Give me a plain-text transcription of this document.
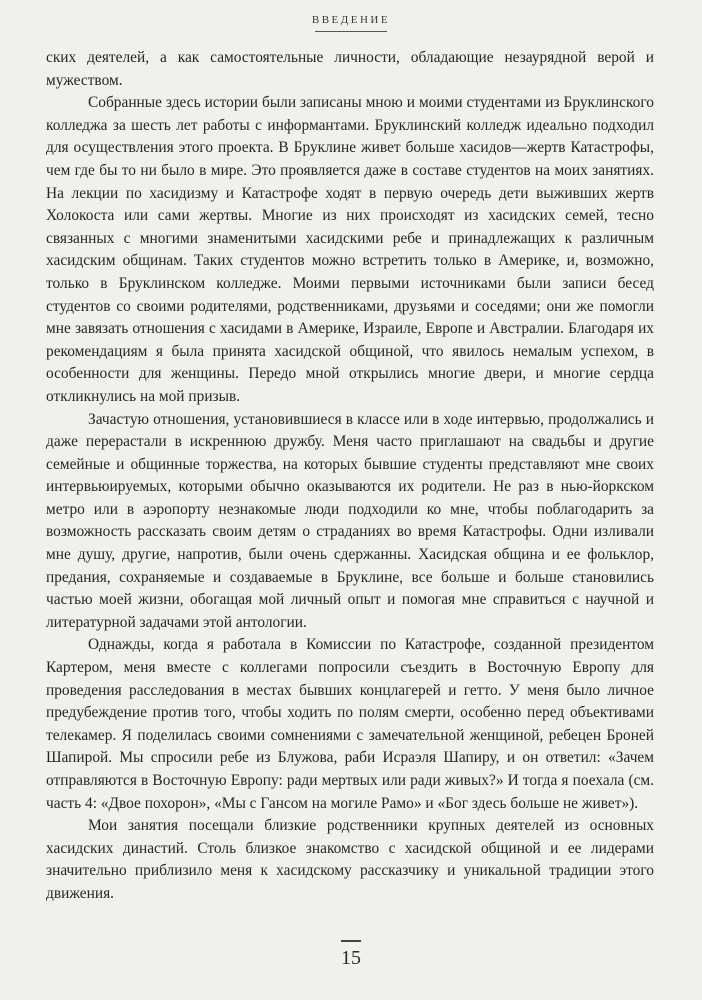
ВВЕДЕНИЕ

ских деятелей, а как самостоятельные личности, обладающие незаурядной верой и мужеством.

Собранные здесь истории были записаны мною и моими студентами из Бруклинского колледжа за шесть лет работы с информантами. Бруклинский колледж идеально подходил для осуществления этого проекта. В Бруклине живет больше хасидов—жертв Катастрофы, чем где бы то ни было в мире. Это проявляется даже в составе студентов на моих занятиях. На лекции по хасидизму и Катастрофе ходят в первую очередь дети выживших жертв Холокоста или сами жертвы. Многие из них происходят из хасидских семей, тесно связанных с многими знаменитыми хасидскими ребе и принадлежащих к различным хасидским общинам. Таких студентов можно встретить только в Америке, и, возможно, только в Бруклинском колледже. Моими первыми источниками были записи бесед студентов со своими родителями, родственниками, друзьями и соседями; они же помогли мне завязать отношения с хасидами в Америке, Израиле, Европе и Австралии. Благодаря их рекомендациям я была принята хасидской общиной, что явилось немалым успехом, в особенности для женщины. Передо мной открылись многие двери, и многие сердца откликнулись на мой призыв.

Зачастую отношения, установившиеся в классе или в ходе интервью, продолжались и даже перерастали в искреннюю дружбу. Меня часто приглашают на свадьбы и другие семейные и общинные торжества, на которых бывшие студенты представляют мне своих интервьюируемых, которыми обычно оказываются их родители. Не раз в нью-йоркском метро или в аэропорту незнакомые люди подходили ко мне, чтобы поблагодарить за возможность рассказать своим детям о страданиях во время Катастрофы. Одни изливали мне душу, другие, напротив, были очень сдержанны. Хасидская община и ее фольклор, предания, сохраняемые и создаваемые в Бруклине, все больше и больше становились частью моей жизни, обогащая мой личный опыт и помогая мне справиться с научной и литературной задачами этой антологии.

Однажды, когда я работала в Комиссии по Катастрофе, созданной президентом Картером, меня вместе с коллегами попросили съездить в Восточную Европу для проведения расследования в местах бывших концлагерей и гетто. У меня было личное предубеждение против того, чтобы ходить по полям смерти, особенно перед объективами телекамер. Я поделилась своими сомнениями с замечательной женщиной, ребецен Броней Шапирой. Мы спросили ребе из Блужова, раби Исраэля Шапиру, и он ответил: «Зачем отправляются в Восточную Европу: ради мертвых или ради живых?» И тогда я поехала (см. часть 4: «Двое похорон», «Мы с Гансом на могиле Рамо» и «Бог здесь больше не живет»).

Мои занятия посещали близкие родственники крупных деятелей из основных хасидских династий. Столь близкое знакомство с хасидской общиной и ее лидерами значительно приблизило меня к хасидскому рассказчику и уникальной традиции этого движения.

15
